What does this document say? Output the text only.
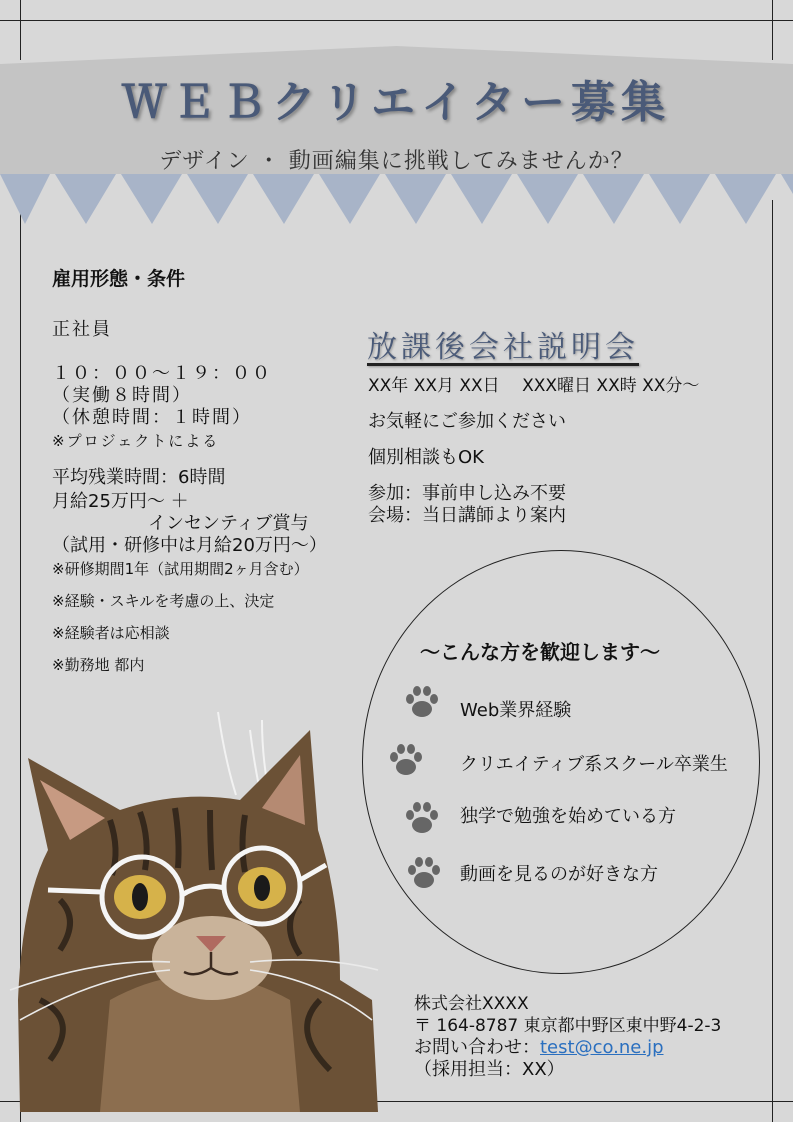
ＷＥＢクリエイター募集
デザイン ・ 動画編集に挑戦してみませんか？
雇用形態・条件
正社員
１０：００～１９：００
（実働８時間）
（休憩時間：１時間）
※プロジェクトによる
平均残業時間：6時間
月給25万円～ ＋
インセンティブ賞与
（試用・研修中は月給20万円～）
※研修期間1年（試用期間2ヶ月含む）
※経験・スキルを考慮の上、決定
※経験者は応相談
※勤務地 都内
放課後会社説明会
XX年 XX月 XX日　 XXX曜日 XX時 XX分～
お気軽にご参加ください
個別相談もOK
参加：事前申し込み不要
会場：当日講師より案内
～こんな方を歓迎します～
Web業界経験
クリエイティブ系スクール卒業生
独学で勉強を始めている方
動画を見るのが好きな方
株式会社XXXX
〒 164-8787 東京都中野区東中野4-2-3
お問い合わせ：test@co.ne.jp
（採用担当：XX）
